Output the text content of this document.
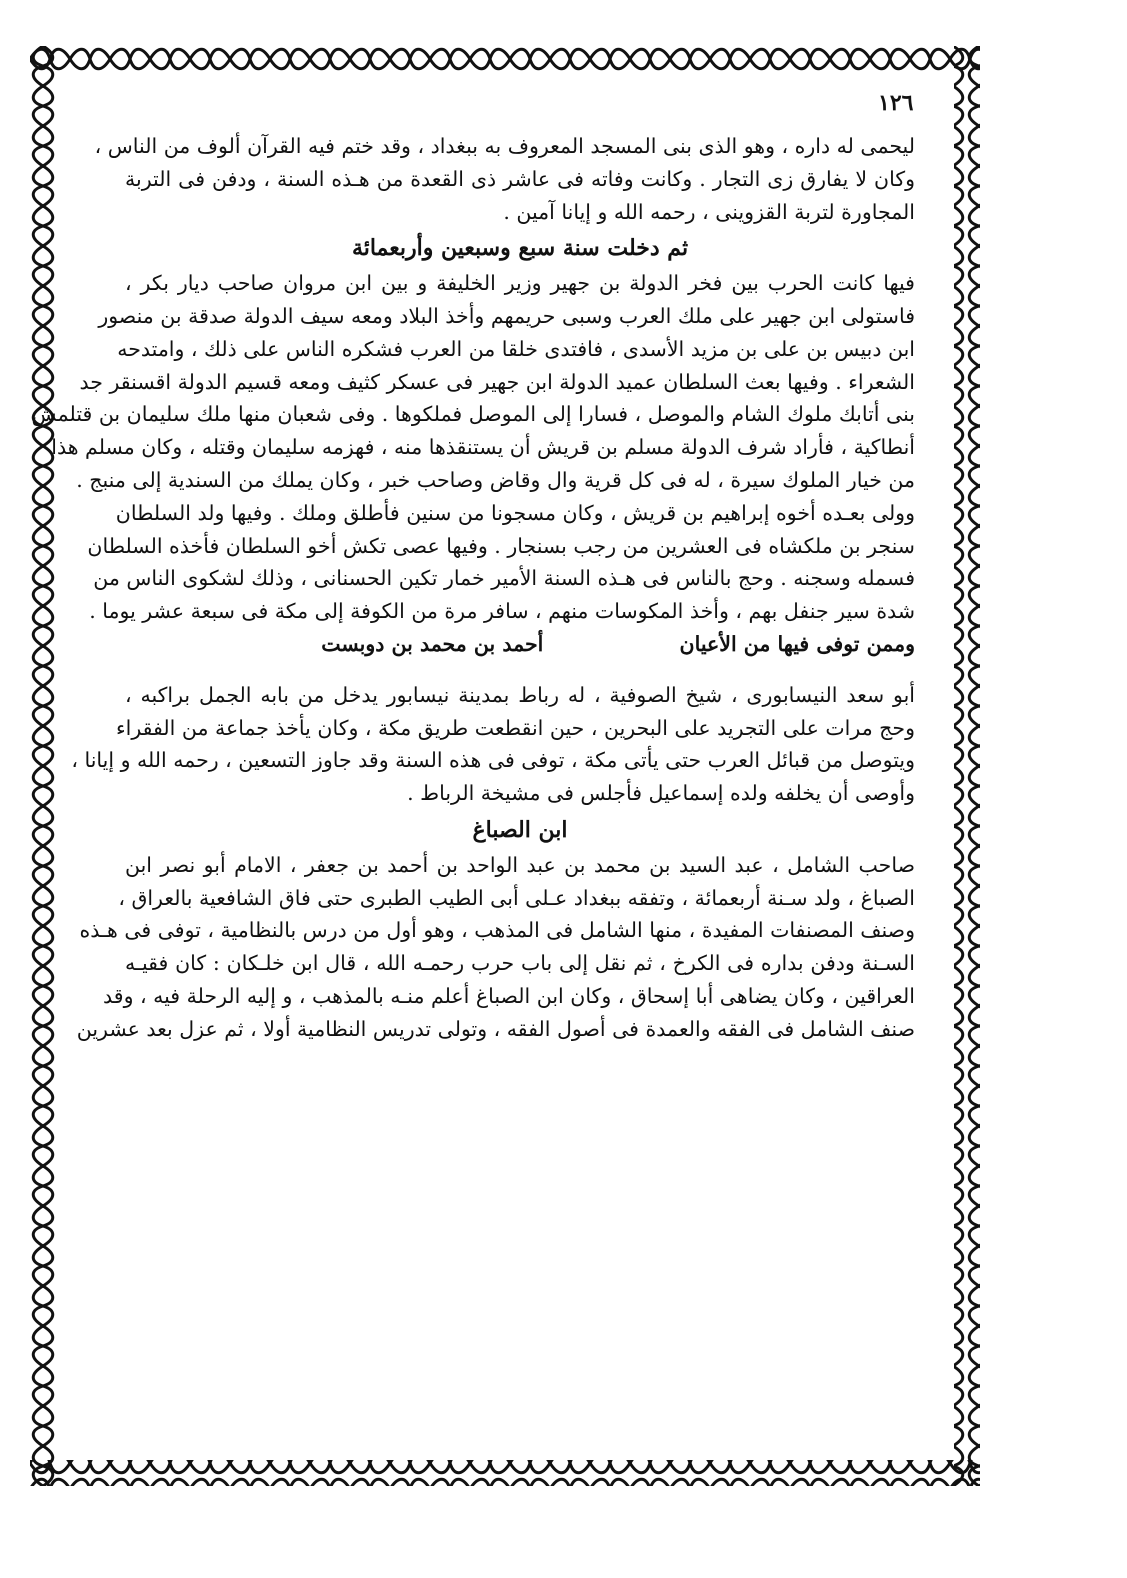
١٢٦
ليحمى له داره ، وهو الذى بنى المسجد المعروف به ببغداد ، وقد ختم فيه القرآن ألوف من الناس ،
وكان لا يفارق زى التجار . وكانت وفاته فى عاشر ذى القعدة من هـذه السنة ، ودفن فى التربة
المجاورة لتربة القزوينى ، رحمه الله و إيانا آمين .
ثم دخلت سنة سبع وسبعين وأربعمائة
فيها كانت الحرب بين فخر الدولة بن جهير وزير الخليفة و بين ابن مروان صاحب ديار بكر ،
فاستولى ابن جهير على ملك العرب وسبى حريمهم وأخذ البلاد ومعه سيف الدولة صدقة بن منصور
ابن دبيس بن على بن مزيد الأسدى ، فافتدى خلقا من العرب فشكره الناس على ذلك ، وامتدحه
الشعراء . وفيها بعث السلطان عميد الدولة ابن جهير فى عسكر كثيف ومعه قسيم الدولة اقسنقر جد
بنى أتابك ملوك الشام والموصل ، فسارا إلى الموصل فملكوها . وفى شعبان منها ملك سليمان بن قتلمش
أنطاكية ، فأراد شرف الدولة مسلم بن قريش أن يستنقذها منه ، فهزمه سليمان وقتله ، وكان مسلم هذا
من خيار الملوك سيرة ، له فى كل قرية وال وقاض وصاحب خبر ، وكان يملك من السندية إلى منبج .
وولى بعـده أخوه إبراهيم بن قريش ، وكان مسجونا من سنين فأطلق وملك . وفيها ولد السلطان
سنجر بن ملكشاه فى العشرين من رجب بسنجار . وفيها عصى تكش أخو السلطان فأخذه السلطان
فسمله وسجنه . وحج بالناس فى هـذه السنة الأمير خمار تكين الحسنانى ، وذلك لشكوى الناس من
شدة سير جنفل بهم ، وأخذ المكوسات منهم ، سافر مرة من الكوفة إلى مكة فى سبعة عشر يوما .
وممن توفى فيها من الأعيان
أحمد بن محمد بن دوبست
أبو سعد النيسابورى ، شيخ الصوفية ، له رباط بمدينة نيسابور يدخل من بابه الجمل براكبه ،
وحج مرات على التجريد على البحرين ، حين انقطعت طريق مكة ، وكان يأخذ جماعة من الفقراء
ويتوصل من قبائل العرب حتى يأتى مكة ، توفى فى هذه السنة وقد جاوز التسعين ، رحمه الله و إيانا ،
وأوصى أن يخلفه ولده إسماعيل فأجلس فى مشيخة الرباط .
ابن الصباغ
صاحب الشامل ، عبد السيد بن محمد بن عبد الواحد بن أحمد بن جعفر ، الامام أبو نصر ابن
الصباغ ، ولد سـنة أربعمائة ، وتفقه ببغداد عـلى أبى الطيب الطبرى حتى فاق الشافعية بالعراق ،
وصنف المصنفات المفيدة ، منها الشامل فى المذهب ، وهو أول من درس بالنظامية ، توفى فى هـذه
السـنة ودفن بداره فى الكرخ ، ثم نقل إلى باب حرب رحمـه الله ، قال ابن خلـكان : كان فقيـه
العراقين ، وكان يضاهى أبا إسحاق ، وكان ابن الصباغ أعلم منـه بالمذهب ، و إليه الرحلة فيه ، وقد
صنف الشامل فى الفقه والعمدة فى أصول الفقه ، وتولى تدريس النظامية أولا ، ثم عزل بعد عشرين
